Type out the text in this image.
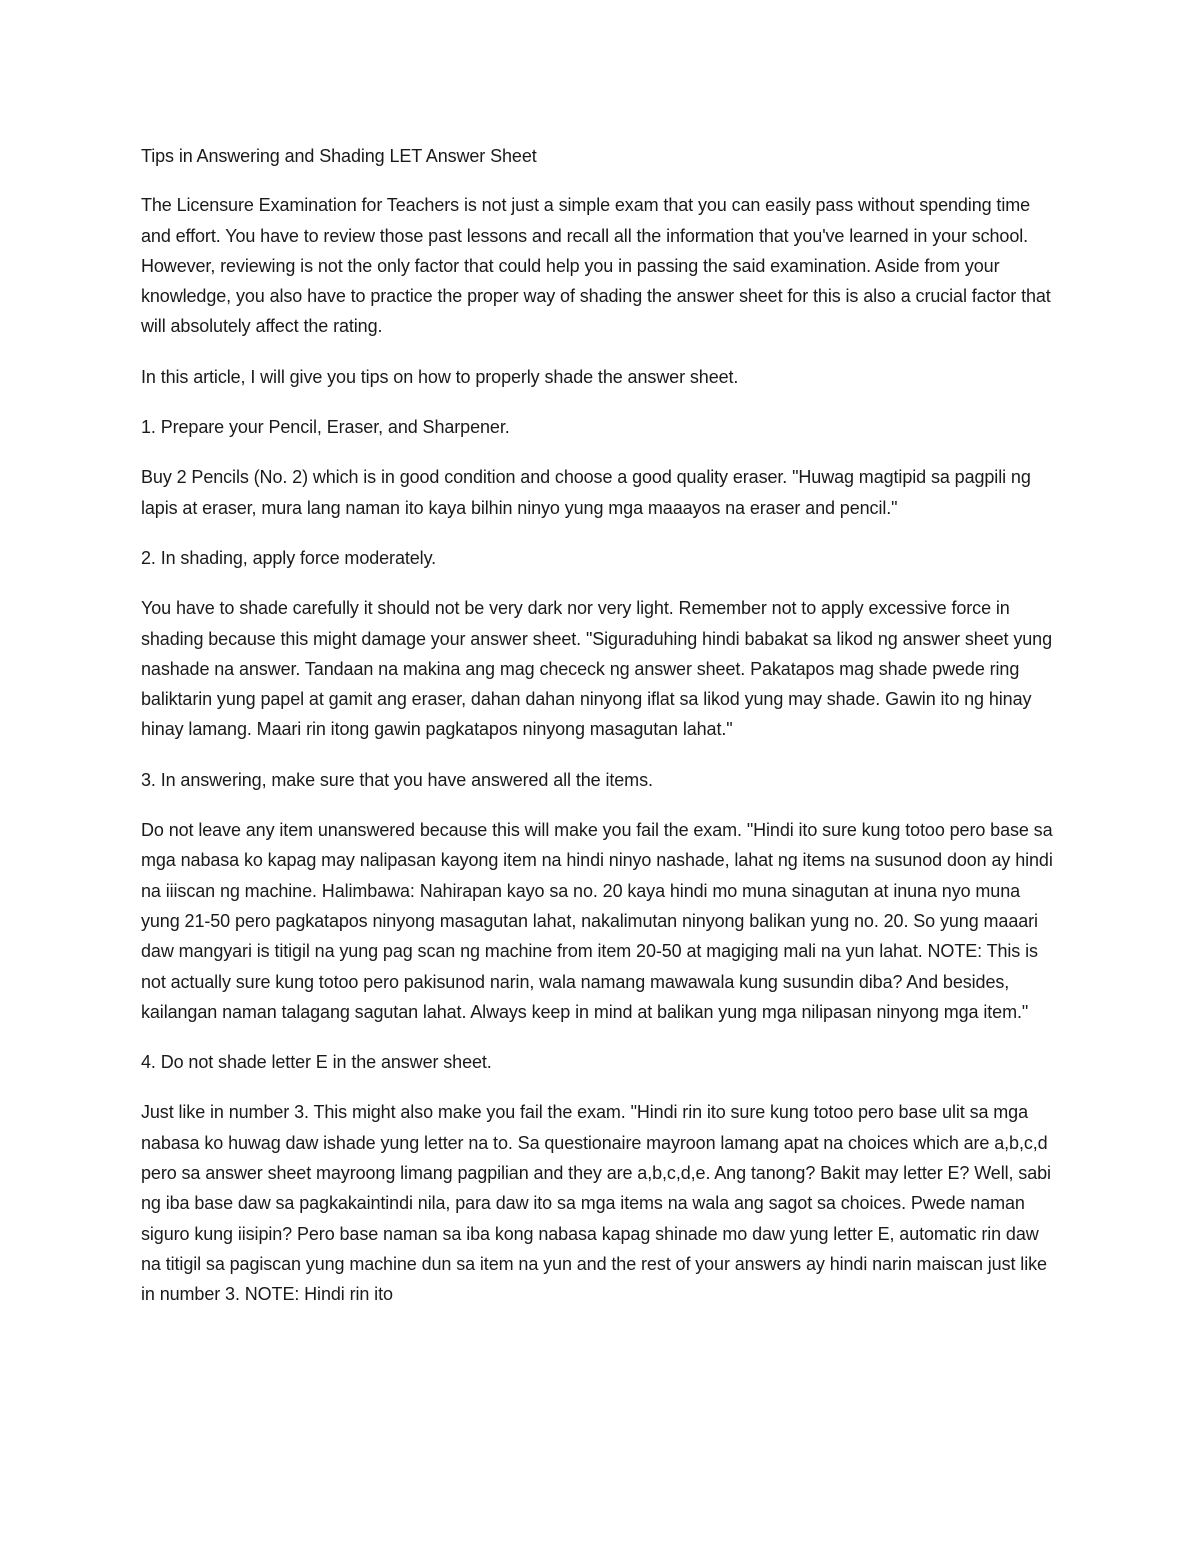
Tips in Answering and Shading LET Answer Sheet

The Licensure Examination for Teachers is not just a simple exam that you can easily pass without spending time and effort. You have to review those past lessons and recall all the information that you've learned in your school. However, reviewing is not the only factor that could help you in passing the said examination. Aside from your knowledge, you also have to practice the proper way of shading the answer sheet for this is also a crucial factor that will absolutely affect the rating.

In this article, I will give you tips on how to properly shade the answer sheet.

1. Prepare your Pencil, Eraser, and Sharpener.

Buy 2 Pencils (No. 2) which is in good condition and choose a good quality eraser. "Huwag magtipid sa pagpili ng lapis at eraser, mura lang naman ito kaya bilhin ninyo yung mga maaayos na eraser and pencil."

2. In shading, apply force moderately.

You have to shade carefully it should not be very dark nor very light. Remember not to apply excessive force in shading because this might damage your answer sheet. "Siguraduhing hindi babakat sa likod ng answer sheet yung nashade na answer. Tandaan na makina ang mag chececk ng answer sheet. Pakatapos mag shade pwede ring baliktarin yung papel at gamit ang eraser, dahan dahan ninyong iflat sa likod yung may shade. Gawin ito ng hinay hinay lamang. Maari rin itong gawin pagkatapos ninyong masagutan lahat."

3. In answering, make sure that you have answered all the items.

Do not leave any item unanswered because this will make you fail the exam. "Hindi ito sure kung totoo pero base sa mga nabasa ko kapag may nalipasan kayong item na hindi ninyo nashade, lahat ng items na susunod doon ay hindi na iiiscan ng machine. Halimbawa: Nahirapan kayo sa no. 20 kaya hindi mo muna sinagutan at inuna nyo muna yung 21-50 pero pagkatapos ninyong masagutan lahat, nakalimutan ninyong balikan yung no. 20. So yung maaari daw mangyari is titigil na yung pag scan ng machine from item 20-50 at magiging mali na yun lahat. NOTE: This is not actually sure kung totoo pero pakisunod narin, wala namang mawawala kung susundin diba? And besides, kailangan naman talagang sagutan lahat. Always keep in mind at balikan yung mga nilipasan ninyong mga item."

4. Do not shade letter E in the answer sheet.

Just like in number 3. This might also make you fail the exam. "Hindi rin ito sure kung totoo pero base ulit sa mga nabasa ko huwag daw ishade yung letter na to. Sa questionaire mayroon lamang apat na choices which are a,b,c,d pero sa answer sheet mayroong limang pagpilian and they are a,b,c,d,e. Ang tanong? Bakit may letter E? Well, sabi ng iba base daw sa pagkakaintindi nila, para daw ito sa mga items na wala ang sagot sa choices. Pwede naman siguro kung iisipin? Pero base naman sa iba kong nabasa kapag shinade mo daw yung letter E, automatic rin daw na titigil sa pagiscan yung machine dun sa item na yun and the rest of your answers ay hindi narin maiscan just like in number 3. NOTE: Hindi rin ito
